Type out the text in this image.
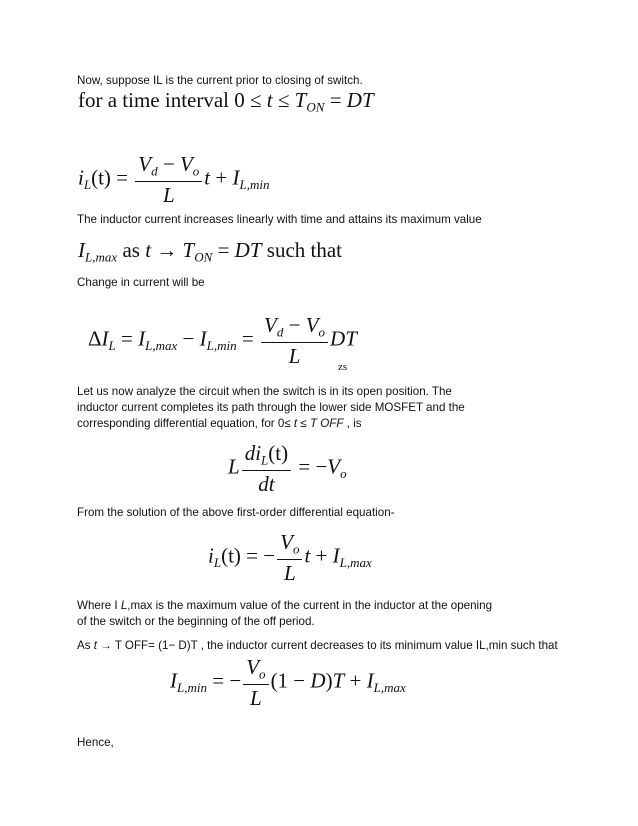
Now, suppose IL is the current prior to closing of switch.
for a time interval $0 \le t \le T_{ON}$ = DT
$i_L(t) = \frac{V_d - V_o}{L}$ $t + I_{L,min}$
The inductor current increases linearly with time and attains its maximum value
$I_{L,max}$ as $t \to T_{ON}$ = DT such that
Change in current will be
$\Delta I_L = I_{L,max} - I_{L,min} = \frac{V_d - V_o}{L}$ DT
zs
Let us now analyze the circuit when the switch is in its open position. The
inductor current completes its path through the lower side MOSFET and the
corresponding differential equation, for 0≤ t ≤ T OFF , is
L
$di_L(t)$
dt
= $-V_o$
From the solution of the above first-order differential equation-
$i_L(t)$ = − $\frac{V_o}{L}$ $t + I_{L,max}$
Where I L,max is the maximum value of the current in the inductor at the opening
of the switch or the beginning of the off period.
As t → T OFF= (1− D)T , the inductor current decreases to its minimum value IL,min such that
$I_{L,min}$ = − $\frac{V_o}{L} (1 - D)T + I_{L,max}$
Hence,
